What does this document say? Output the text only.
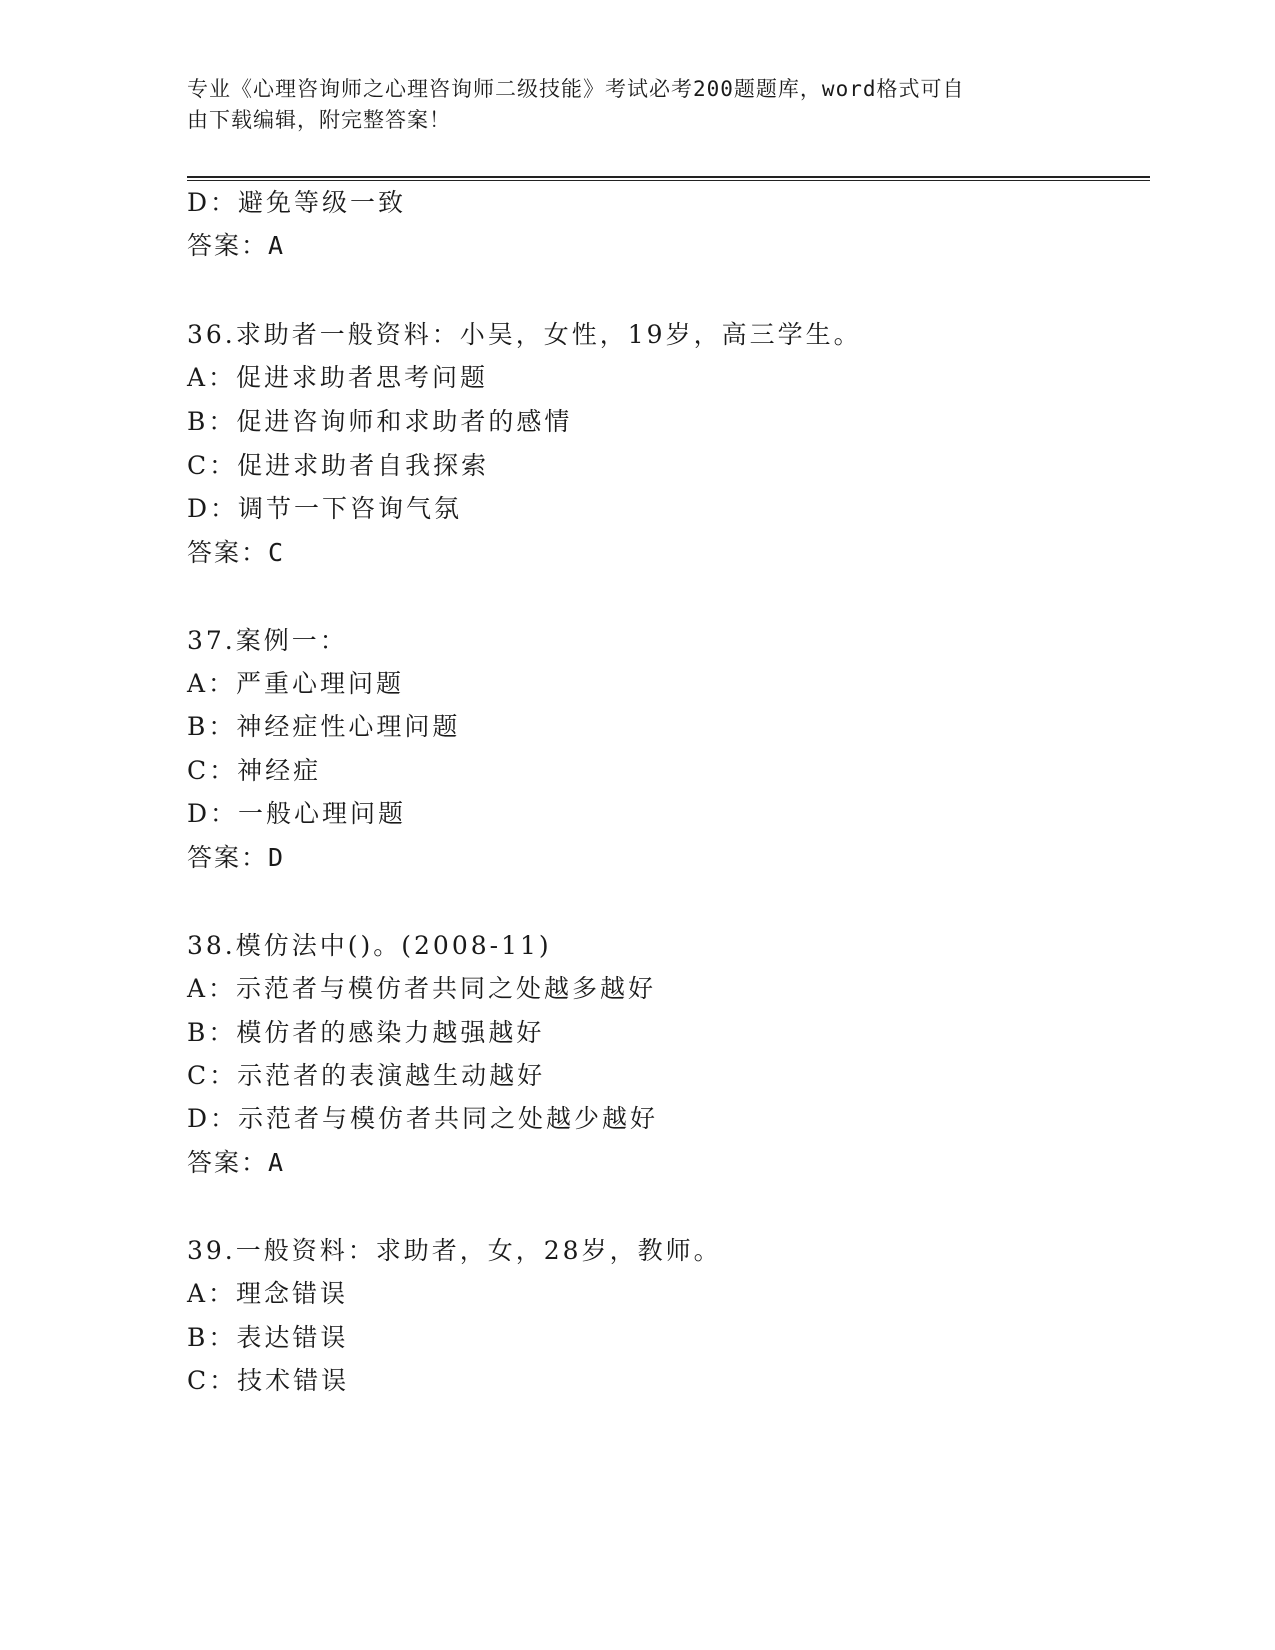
专业《心理咨询师之心理咨询师二级技能》考试必考200题题库，word格式可自
由下载编辑，附完整答案！
D：避免等级一致
答案：A
36.求助者一般资料：小吴，女性，19岁，高三学生。
A：促进求助者思考问题
B：促进咨询师和求助者的感情
C：促进求助者自我探索
D：调节一下咨询气氛
答案：C
37.案例一：
A：严重心理问题
B：神经症性心理问题
C：神经症
D：一般心理问题
答案：D
38.模仿法中()。(2008-11)
A：示范者与模仿者共同之处越多越好
B：模仿者的感染力越强越好
C：示范者的表演越生动越好
D：示范者与模仿者共同之处越少越好
答案：A
39.一般资料：求助者，女，28岁，教师。
A：理念错误
B：表达错误
C：技术错误
